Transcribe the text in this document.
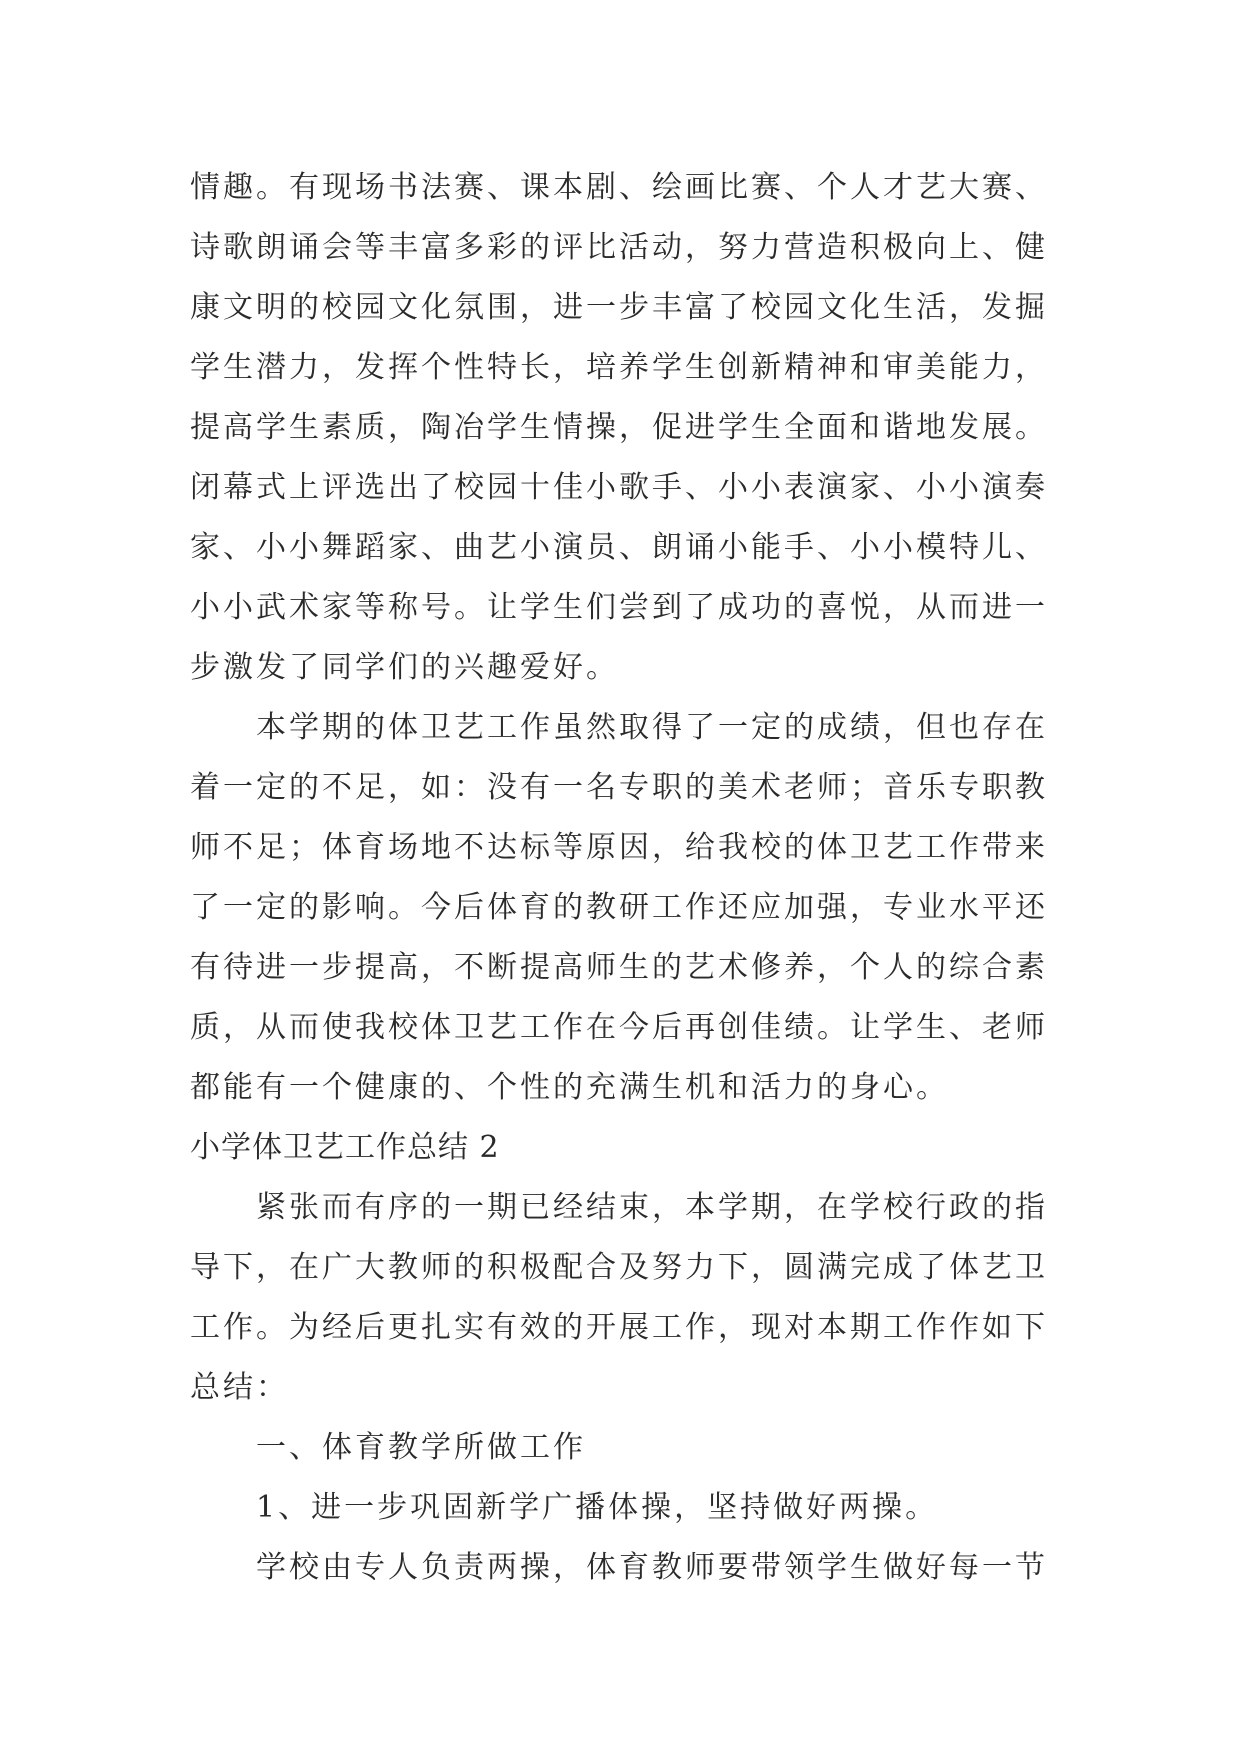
情趣。有现场书法赛、课本剧、绘画比赛、个人才艺大赛、
诗歌朗诵会等丰富多彩的评比活动，努力营造积极向上、健
康文明的校园文化氛围，进一步丰富了校园文化生活，发掘
学生潜力，发挥个性特长，培养学生创新精神和审美能力，
提高学生素质，陶冶学生情操，促进学生全面和谐地发展。
闭幕式上评选出了校园十佳小歌手、小小表演家、小小演奏
家、小小舞蹈家、曲艺小演员、朗诵小能手、小小模特儿、
小小武术家等称号。让学生们尝到了成功的喜悦，从而进一
步激发了同学们的兴趣爱好。
本学期的体卫艺工作虽然取得了一定的成绩，但也存在
着一定的不足，如：没有一名专职的美术老师；音乐专职教
师不足；体育场地不达标等原因，给我校的体卫艺工作带来
了一定的影响。今后体育的教研工作还应加强，专业水平还
有待进一步提高，不断提高师生的艺术修养，个人的综合素
质，从而使我校体卫艺工作在今后再创佳绩。让学生、老师
都能有一个健康的、个性的充满生机和活力的身心。
小学体卫艺工作总结 2
紧张而有序的一期已经结束，本学期，在学校行政的指
导下，在广大教师的积极配合及努力下，圆满完成了体艺卫
工作。为经后更扎实有效的开展工作，现对本期工作作如下
总结：
一、体育教学所做工作
1、进一步巩固新学广播体操，坚持做好两操。
学校由专人负责两操，体育教师要带领学生做好每一节
